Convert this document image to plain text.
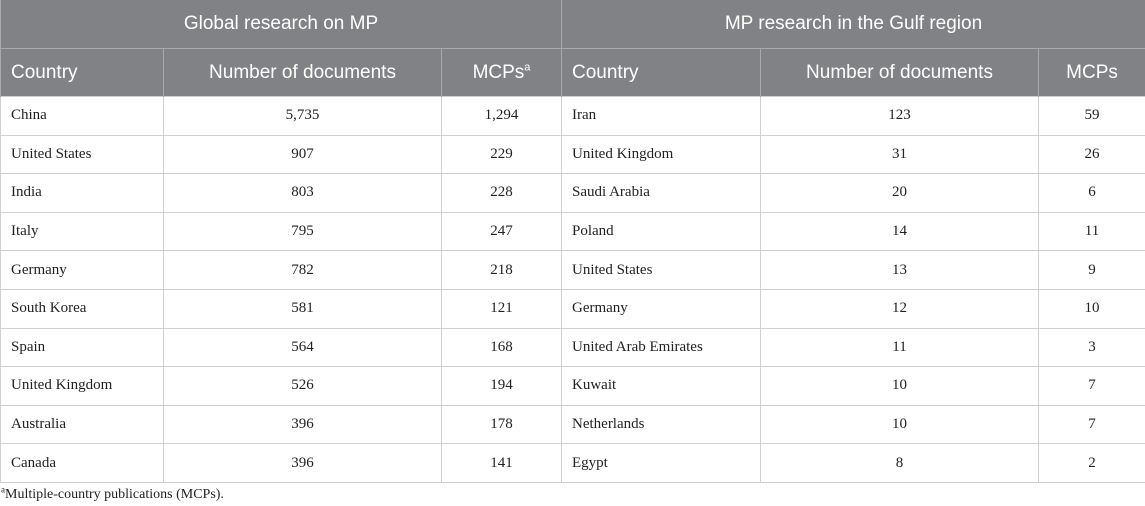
Global research on MP			MP research in the Gulf region		
Country	Number of documents	MCPs$^a$	Country	Number of documents	MCPs
China	5,735	1,294	Iran	123	59
United States	907	229	United Kingdom	31	26
India	803	228	Saudi Arabia	20	6
Italy	795	247	Poland	14	11
Germany	782	218	United States	13	9
South Korea	581	121	Germany	12	10
Spain	564	168	United Arab Emirates	11	3
United Kingdom	526	194	Kuwait	10	7
Australia	396	178	Netherlands	10	7
Canada	396	141	Egypt	8	2
$^a$Multiple-country publications (MCPs).
